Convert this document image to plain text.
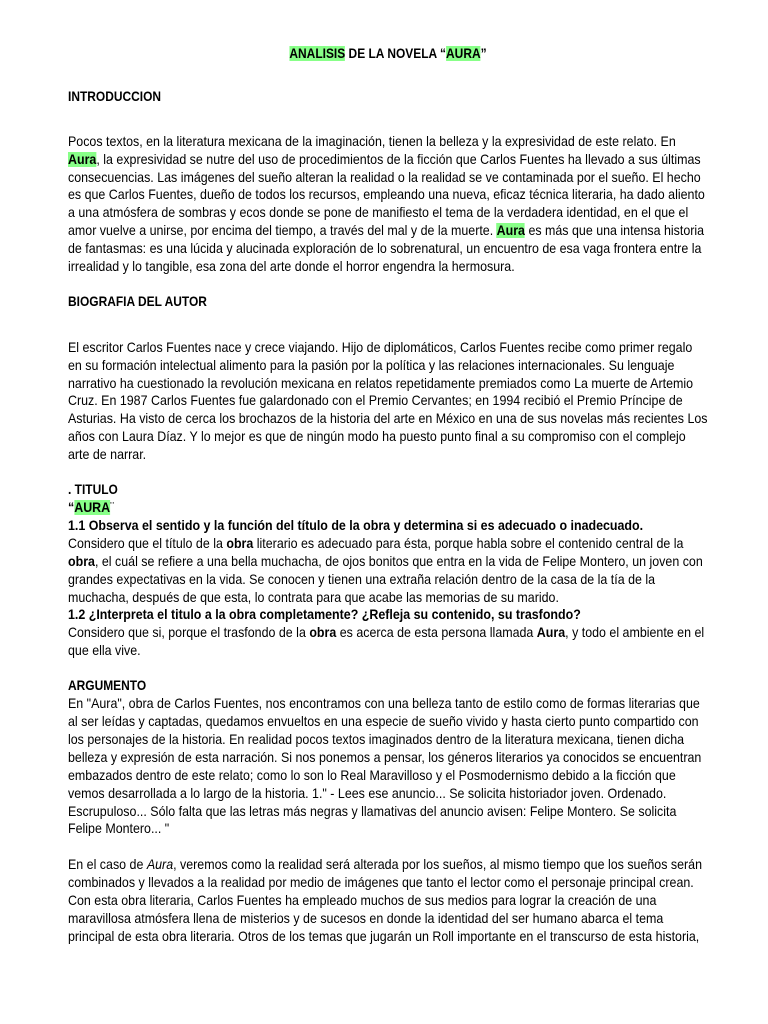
ANALISIS DE LA NOVELA “AURA”
INTRODUCCION

Pocos textos, en la literatura mexicana de la imaginación, tienen la belleza y la expresividad de este relato. En Aura, la expresividad se nutre del uso de procedimientos de la ficción que Carlos Fuentes ha llevado a sus últimas consecuencias. Las imágenes del sueño alteran la realidad o la realidad se ve contaminada por el sueño. El hecho es que Carlos Fuentes, dueño de todos los recursos, empleando una nueva, eficaz técnica literaria, ha dado aliento a una atmósfera de sombras y ecos donde se pone de manifiesto el tema de la verdadera identidad, en el que el amor vuelve a unirse, por encima del tiempo, a través del mal y de la muerte. Aura es más que una intensa historia de fantasmas: es una lúcida y alucinada exploración de lo sobrenatural, un encuentro de esa vaga frontera entre la irrealidad y lo tangible, esa zona del arte donde el horror engendra la hermosura.

BIOGRAFIA DEL AUTOR

El escritor Carlos Fuentes nace y crece viajando. Hijo de diplomáticos, Carlos Fuentes recibe como primer regalo en su formación intelectual alimento para la pasión por la política y las relaciones internacionales. Su lenguaje narrativo ha cuestionado la revolución mexicana en relatos repetidamente premiados como La muerte de Artemio Cruz. En 1987 Carlos Fuentes fue galardonado con el Premio Cervantes; en 1994 recibió el Premio Príncipe de Asturias. Ha visto de cerca los brochazos de la historia del arte en México en una de sus novelas más recientes Los años con Laura Díaz. Y lo mejor es que de ningún modo ha puesto punto final a su compromiso con el complejo arte de narrar.

. TITULO

“AURA¨

1.1 Observa el sentido y la función del título de la obra y determina si es adecuado o inadecuado.

Considero que el título de la obra literario es adecuado para ésta, porque habla sobre el contenido central de la obra, el cuál se refiere a una bella muchacha, de ojos bonitos que entra en la vida de Felipe Montero, un joven con grandes expectativas en la vida. Se conocen y tienen una extraña relación dentro de la casa de la tía de la muchacha, después de que esta, lo contrata para que acabe las memorias de su marido.

1.2 ¿Interpreta el titulo a la obra completamente? ¿Refleja su contenido, su trasfondo?

Considero que si, porque el trasfondo de la obra es acerca de esta persona llamada Aura, y todo el ambiente en el que ella vive.

ARGUMENTO

En "Aura", obra de Carlos Fuentes, nos encontramos con una belleza tanto de estilo como de formas literarias que al ser leídas y captadas, quedamos envueltos en una especie de sueño vivido y hasta cierto punto compartido con los personajes de la historia. En realidad pocos textos imaginados dentro de la literatura mexicana, tienen dicha belleza y expresión de esta narración. Si nos ponemos a pensar, los géneros literarios ya conocidos se encuentran embazados dentro de este relato; como lo son lo Real Maravilloso y el Posmodernismo debido a la ficción que vemos desarrollada a lo largo de la historia. 1." - Lees ese anuncio... Se solicita historiador joven. Ordenado. Escrupuloso... Sólo falta que las letras más negras y llamativas del anuncio avisen: Felipe Montero. Se solicita Felipe Montero... "

En el caso de Aura, veremos como la realidad será alterada por los sueños, al mismo tiempo que los sueños serán combinados y llevados a la realidad por medio de imágenes que tanto el lector como el personaje principal crean. Con esta obra literaria, Carlos Fuentes ha empleado muchos de sus medios para lograr la creación de una maravillosa atmósfera llena de misterios y de sucesos en donde la identidad del ser humano abarca el tema principal de esta obra literaria. Otros de los temas que jugarán un Roll importante en el transcurso de esta historia,
